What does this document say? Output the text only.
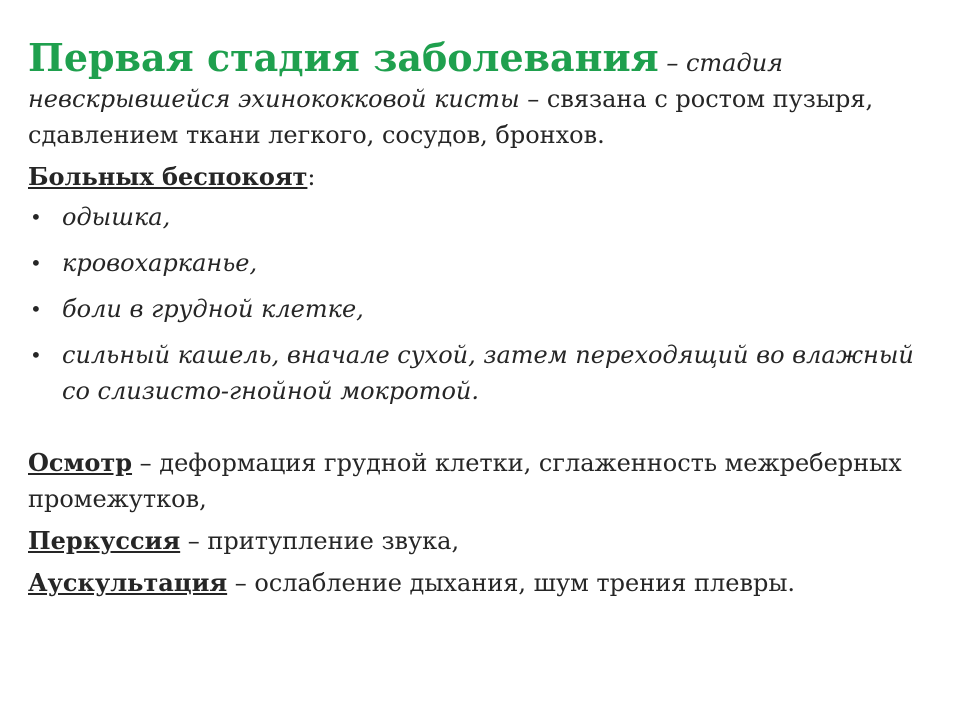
Первая стадия заболевания – стадия невскрывшейся эхинококковой кисты – связана с ростом пузыря, сдавлением ткани легкого, сосудов, бронхов.

Больных беспокоят:

• одышка,
• кровохарканье,
• боли в грудной клетке,
• сильный кашель, вначале сухой, затем переходящий во влажный со слизисто-гнойной мокротой.

Осмотр – деформация грудной клетки, сглаженность межреберных промежутков,

Перкуссия – притупление звука,

Аускультация – ослабление дыхания, шум трения плевры.
